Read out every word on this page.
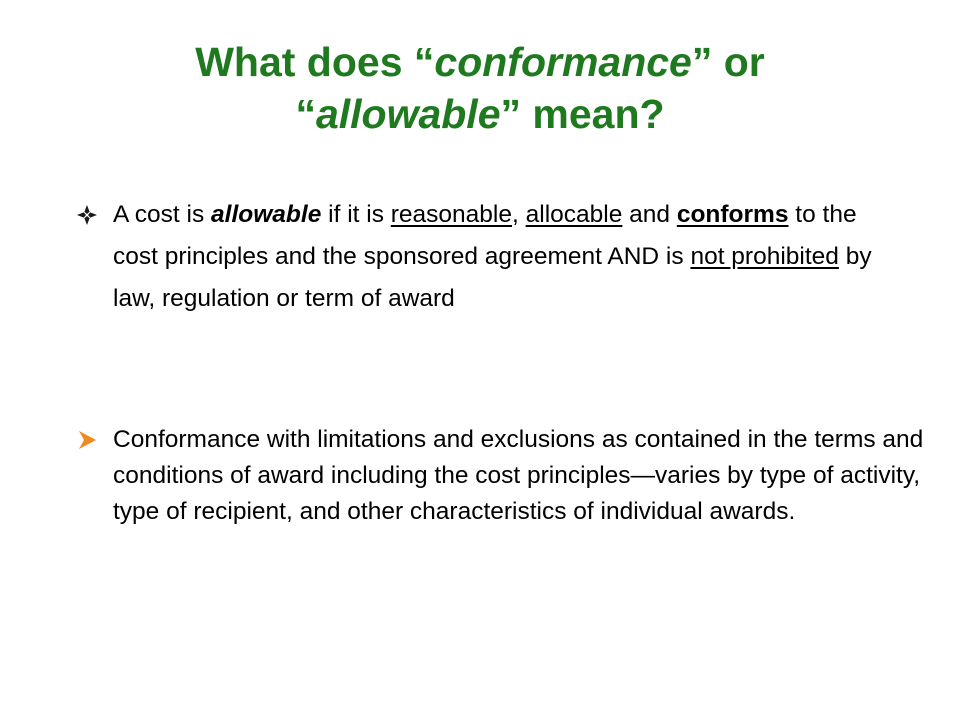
What does “conformance” or
“allowable” mean?
A cost is allowable if it is reasonable, allocable and conforms to the cost principles and the sponsored agreement AND is not prohibited by law, regulation or term of award
Conformance with limitations and exclusions as contained in the terms and conditions of award including the cost principles—varies by type of activity, type of recipient, and other characteristics of individual awards.
